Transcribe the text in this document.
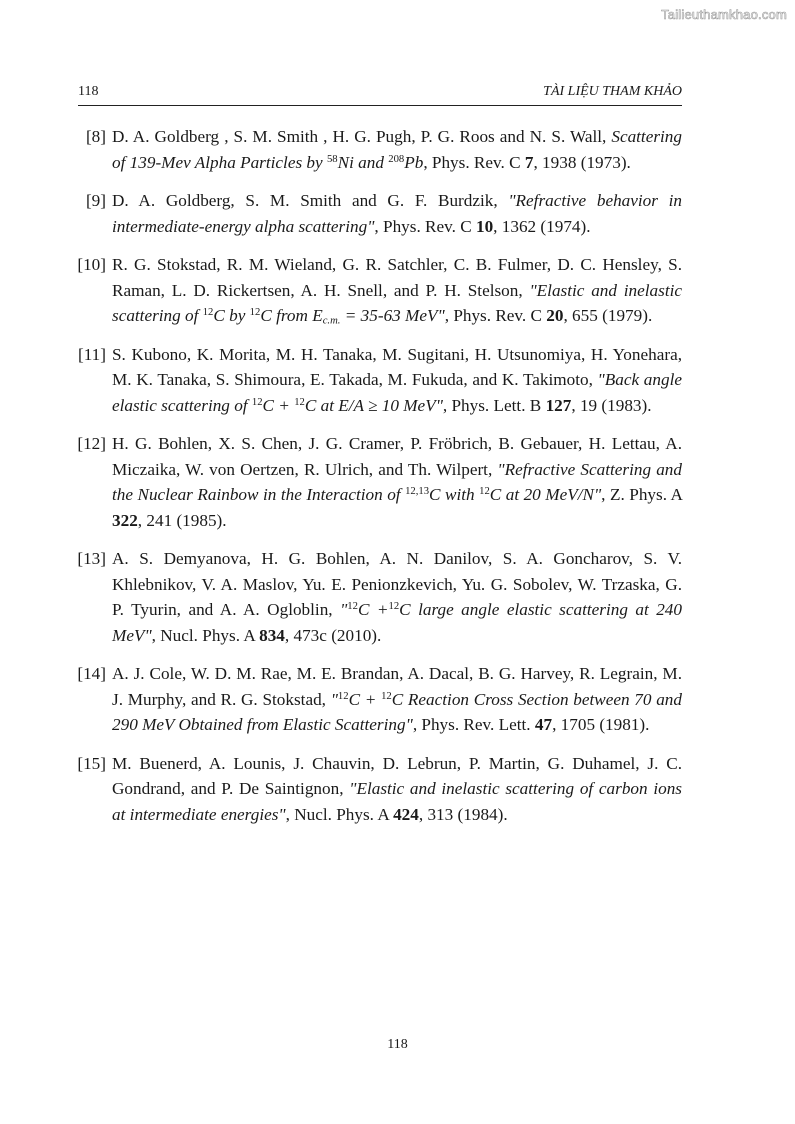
Tailieuthamkhao.com
118	TÀI LIỆU THAM KHẢO
[8] D. A. Goldberg , S. M. Smith , H. G. Pugh, P. G. Roos and N. S. Wall, Scattering of 139-Mev Alpha Particles by $^{58}$Ni and $^{208}$Pb, Phys. Rev. C 7, 1938 (1973).
[9] D. A. Goldberg, S. M. Smith and G. F. Burdzik, "Refractive behavior in intermediate-energy alpha scattering", Phys. Rev. C 10, 1362 (1974).
[10] R. G. Stokstad, R. M. Wieland, G. R. Satchler, C. B. Fulmer, D. C. Hensley, S. Raman, L. D. Rickertsen, A. H. Snell, and P. H. Stelson, "Elastic and inelastic scattering of $^{12}$C by $^{12}$C from $E_{c.m.} = 35-63$ MeV", Phys. Rev. C 20, 655 (1979).
[11] S. Kubono, K. Morita, M. H. Tanaka, M. Sugitani, H. Utsunomiya, H. Yonehara, M. K. Tanaka, S. Shimoura, E. Takada, M. Fukuda, and K. Takimoto, "Back angle elastic scattering of $^{12}$C + $^{12}$C at E/A ≥ 10 MeV", Phys. Lett. B 127, 19 (1983).
[12] H. G. Bohlen, X. S. Chen, J. G. Cramer, P. Fröbrich, B. Gebauer, H. Lettau, A. Miczaika, W. von Oertzen, R. Ulrich, and Th. Wilpert, "Refractive Scattering and the Nuclear Rainbow in the Interaction of $^{12,13}$C with $^{12}$C at 20 MeV/N", Z. Phys. A 322, 241 (1985).
[13] A. S. Demyanova, H. G. Bohlen, A. N. Danilov, S. A. Goncharov, S. V. Khlebnikov, V. A. Maslov, Yu. E. Penionzkevich, Yu. G. Sobolev, W. Trzaska, G. P. Tyurin, and A. A. Ogloblin, "$^{12}$C +$^{12}$C large angle elastic scattering at 240 MeV", Nucl. Phys. A 834, 473c (2010).
[14] A. J. Cole, W. D. M. Rae, M. E. Brandan, A. Dacal, B. G. Harvey, R. Legrain, M. J. Murphy, and R. G. Stokstad, "$^{12}$C + $^{12}$C Reaction Cross Section between 70 and 290 MeV Obtained from Elastic Scattering", Phys. Rev. Lett. 47, 1705 (1981).
[15] M. Buenerd, A. Lounis, J. Chauvin, D. Lebrun, P. Martin, G. Duhamel, J. C. Gondrand, and P. De Saintignon, "Elastic and inelastic scattering of carbon ions at intermediate energies", Nucl. Phys. A 424, 313 (1984).
118
